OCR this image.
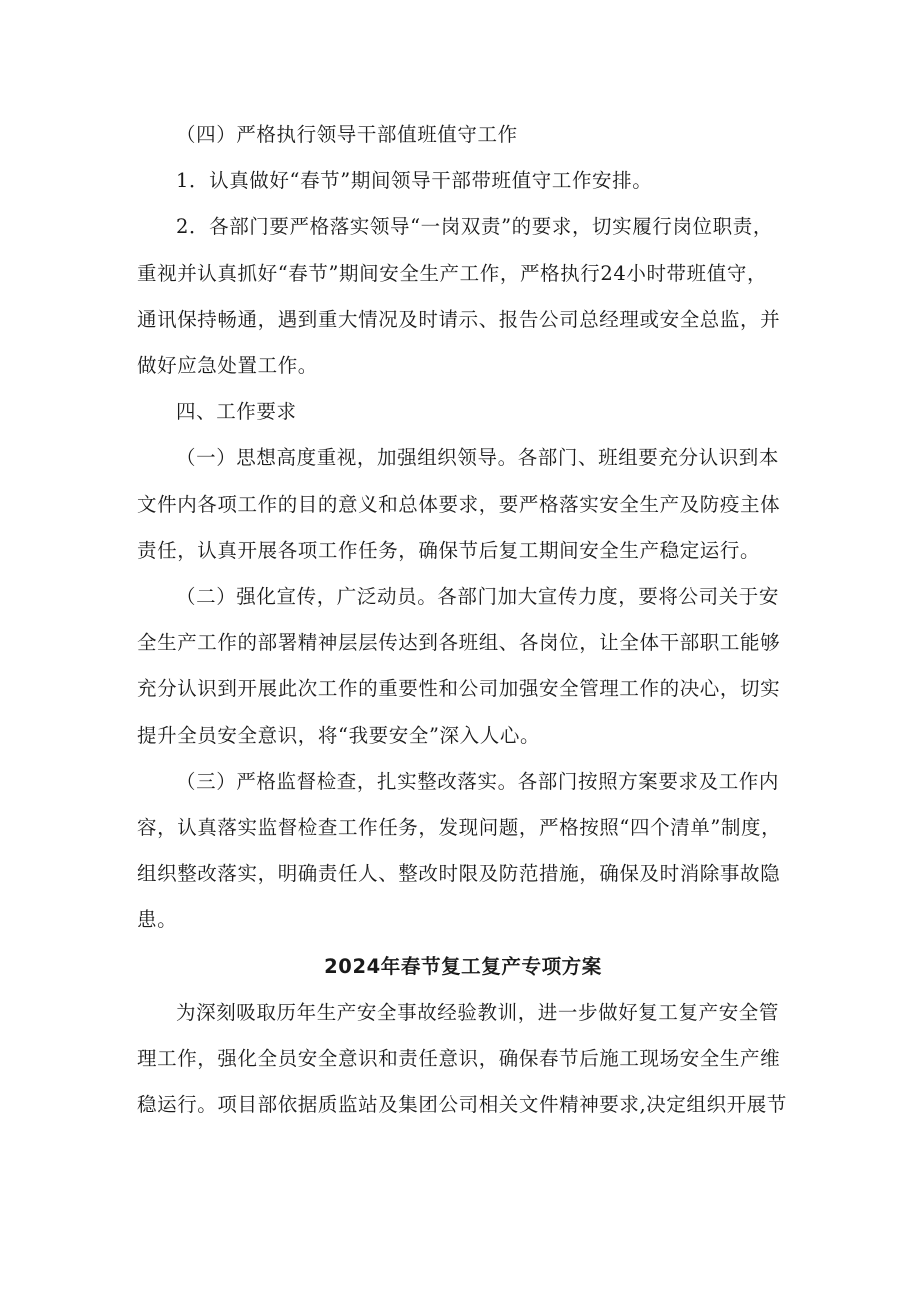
（四）严格执行领导干部值班值守工作

1．认真做好“春节”期间领导干部带班值守工作安排。

2．各部门要严格落实领导“一岗双责”的要求，切实履行岗位职责，
重视并认真抓好“春节”期间安全生产工作，严格执行24小时带班值守，
通讯保持畅通，遇到重大情况及时请示、报告公司总经理或安全总监，并
做好应急处置工作。

四、工作要求

（一）思想高度重视，加强组织领导。各部门、班组要充分认识到本
文件内各项工作的目的意义和总体要求，要严格落实安全生产及防疫主体
责任，认真开展各项工作任务，确保节后复工期间安全生产稳定运行。

（二）强化宣传，广泛动员。各部门加大宣传力度，要将公司关于安
全生产工作的部署精神层层传达到各班组、各岗位，让全体干部职工能够
充分认识到开展此次工作的重要性和公司加强安全管理工作的决心，切实
提升全员安全意识，将“我要安全”深入人心。

（三）严格监督检查，扎实整改落实。各部门按照方案要求及工作内
容，认真落实监督检查工作任务，发现问题，严格按照“四个清单”制度，
组织整改落实，明确责任人、整改时限及防范措施，确保及时消除事故隐
患。

2024年春节复工复产专项方案

为深刻吸取历年生产安全事故经验教训，进一步做好复工复产安全管
理工作，强化全员安全意识和责任意识，确保春节后施工现场安全生产维
稳运行。项目部依据质监站及集团公司相关文件精神要求,决定组织开展节
